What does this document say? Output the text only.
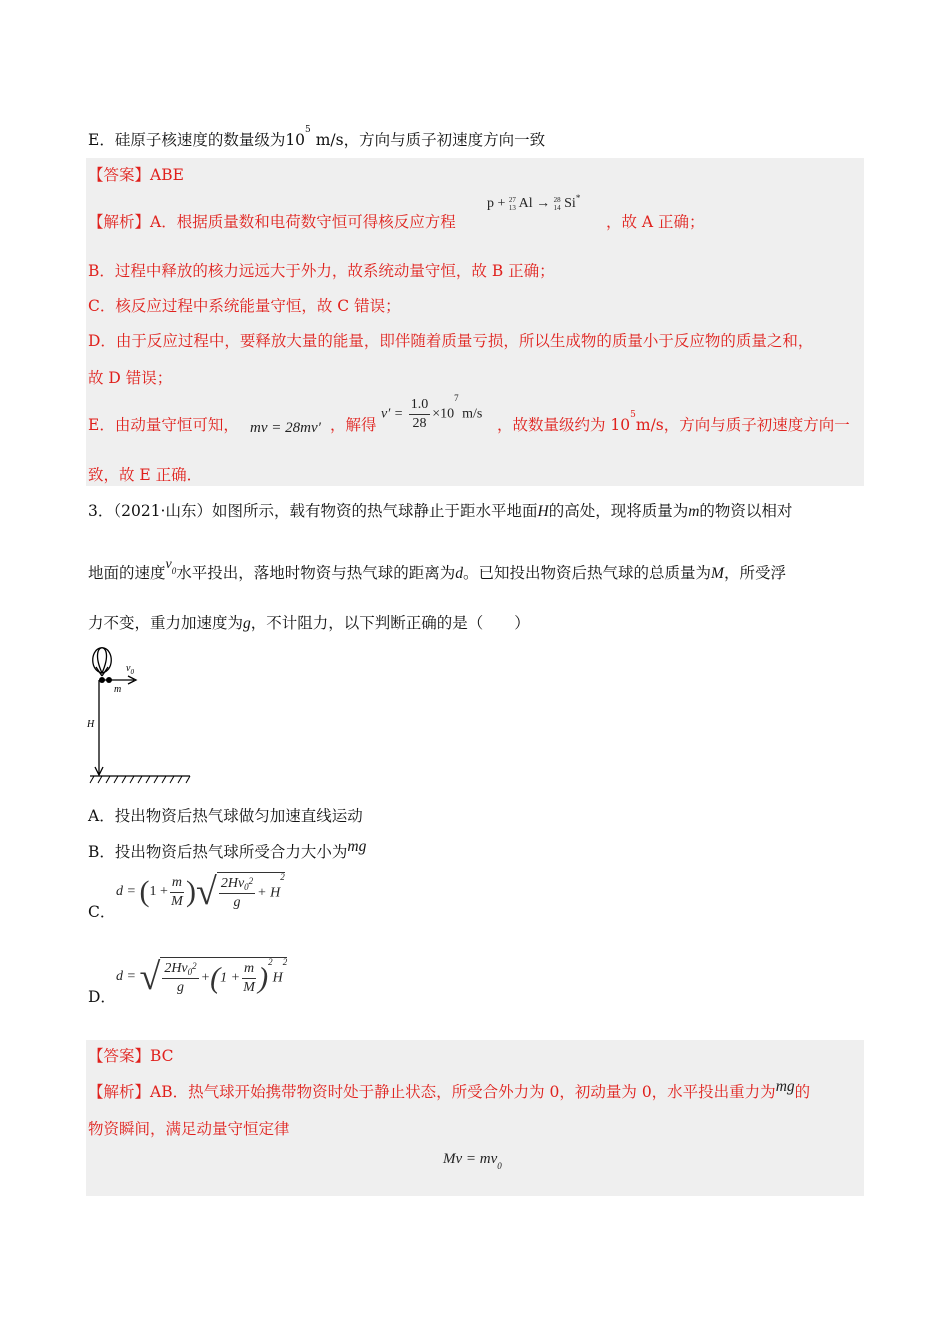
E．硅原子核速度的数量级为$10^5$ m/s，方向与质子初速度方向一致
【答案】ABE
【解析】A．根据质量数和电荷数守恒可得核反应方程
p + 27
13 Al → 28
14 Si*
，故 A 正确；
B．过程中释放的核力远远大于外力，故系统动量守恒，故 B 正确；
C．核反应过程中系统能量守恒，故 C 错误；
D．由于反应过程中，要释放大量的能量，即伴随着质量亏损，所以生成物的质量小于反应物的质量之和，
故 D 错误；
E．由动量守恒可知， mv = 28mv′ ，解得
$v' = \frac{1.0}{28} \times 10^7$ m/s
，故数量级约为 $10^5m/s$，方向与质子初速度方向一
致，故 E 正确．
3．（2021·山东）如图所示，载有物资的热气球静止于距水平地面H的高处，现将质量为m的物资以相对
地面的速度$v_0$水平投出，落地时物资与热气球的距离为d。已知投出物资后热气球的总质量为M，所受浮
力不变，重力加速度为g，不计阻力，以下判断正确的是（　　）
$v_0$
m
H
A．投出物资后热气球做匀加速直线运动
B．投出物资后热气球所受合力大小为mg
C．
$d = (1 + \frac{m}{M}$ )√ $\frac{2Hv_0^2}{g} + H^2$
D．
d = √ $\frac{2Hv_0^2}{g} +(1 + \frac{m}{M} )^2H^2$
【答案】BC
【解析】AB．热气球开始携带物资时处于静止状态，所受合外力为 0，初动量为 0，水平投出重力为mg的
物资瞬间，满足动量守恒定律
$Mv = mv_0$
